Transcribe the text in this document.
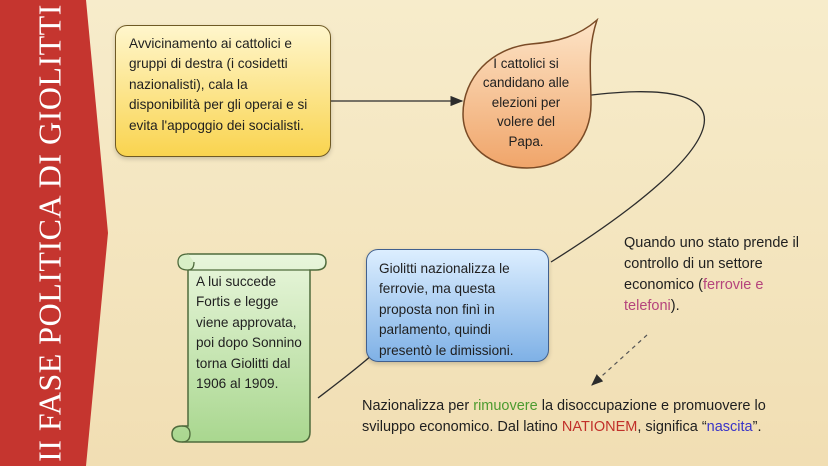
II FASE POLITICA DI GIOLITTI	Avvicinamento ai cattolici e gruppi di destra (i cosidetti nazionalisti), cala la disponibilità per gli operai e si evita l'appoggio dei socialisti.
I cattolici si candidano alle elezioni per volere del Papa.
Giolitti nazionalizza le ferrovie, ma questa proposta non finì in parlamento, quindi presentò le dimissioni.
A lui succede Fortis e legge viene approvata, poi dopo Sonnino torna Giolitti dal 1906 al 1909.
Quando uno stato prende il controllo di un settore economico (ferrovie e telefoni).
Nazionalizza per rimuovere la disoccupazione e promuovere lo sviluppo economico. Dal latino NATIONEM, significa “nascita”.
